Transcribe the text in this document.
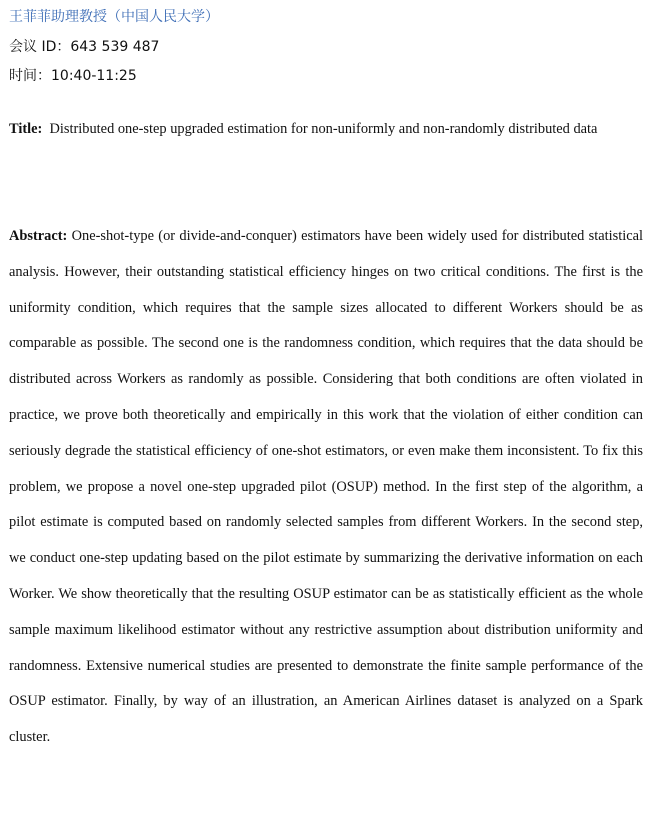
王菲菲助理教授（中国人民大学）
会议 ID：643 539 487
时间：10:40-11:25

Title: Distributed one-step upgraded estimation for non-uniformly and non-randomly distributed data

Abstract: One-shot-type (or divide-and-conquer) estimators have been widely used for distributed statistical analysis. However, their outstanding statistical efficiency hinges on two critical conditions. The first is the uniformity condition, which requires that the sample sizes allocated to different Workers should be as comparable as possible. The second one is the randomness condition, which requires that the data should be distributed across Workers as randomly as possible. Considering that both conditions are often violated in practice, we prove both theoretically and empirically in this work that the violation of either condition can seriously degrade the statistical efficiency of one-shot estimators, or even make them inconsistent. To fix this problem, we propose a novel one-step upgraded pilot (OSUP) method. In the first step of the algorithm, a pilot estimate is computed based on randomly selected samples from different Workers. In the second step, we conduct one-step updating based on the pilot estimate by summarizing the derivative information on each Worker. We show theoretically that the resulting OSUP estimator can be as statistically efficient as the whole sample maximum likelihood estimator without any restrictive assumption about distribution uniformity and randomness. Extensive numerical studies are presented to demonstrate the finite sample performance of the OSUP estimator. Finally, by way of an illustration, an American Airlines dataset is analyzed on a Spark cluster.
